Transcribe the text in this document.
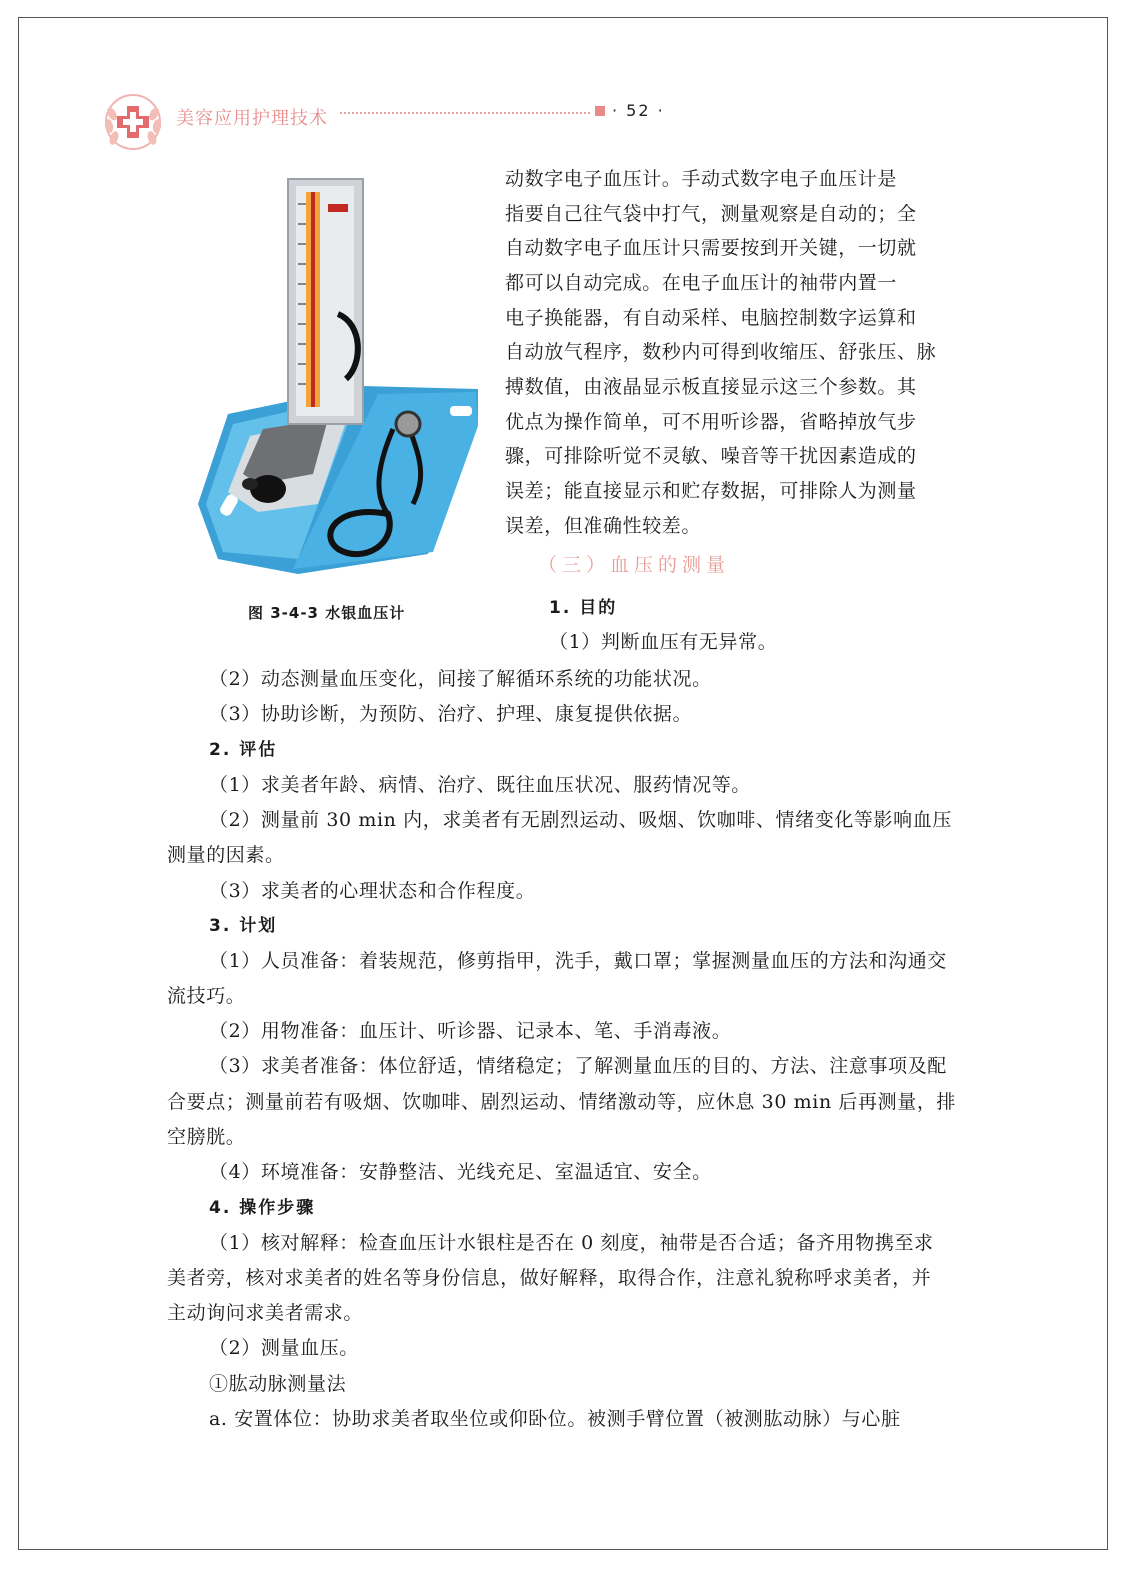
美容应用护理技术	· 52 ·
图 3-4-3 水银血压计
动数字电子血压计。手动式数字电子血压计是
指要自己往气袋中打气，测量观察是自动的；全
自动数字电子血压计只需要按到开关键，一切就
都可以自动完成。在电子血压计的袖带内置一
电子换能器，有自动采样、电脑控制数字运算和
自动放气程序，数秒内可得到收缩压、舒张压、脉
搏数值，由液晶显示板直接显示这三个参数。其
优点为操作简单，可不用听诊器，省略掉放气步
骤，可排除听觉不灵敏、噪音等干扰因素造成的
误差；能直接显示和贮存数据，可排除人为测量
误差，但准确性较差。
（三）血压的测量
1. 目的
（1）判断血压有无异常。
（2）动态测量血压变化，间接了解循环系统的功能状况。
（3）协助诊断，为预防、治疗、护理、康复提供依据。
2. 评估
（1）求美者年龄、病情、治疗、既往血压状况、服药情况等。
（2）测量前 30 min 内，求美者有无剧烈运动、吸烟、饮咖啡、情绪变化等影响血压
测量的因素。
（3）求美者的心理状态和合作程度。
3. 计划
（1）人员准备：着装规范，修剪指甲，洗手，戴口罩；掌握测量血压的方法和沟通交
流技巧。
（2）用物准备：血压计、听诊器、记录本、笔、手消毒液。
（3）求美者准备：体位舒适，情绪稳定；了解测量血压的目的、方法、注意事项及配
合要点；测量前若有吸烟、饮咖啡、剧烈运动、情绪激动等，应休息 30 min 后再测量，排
空膀胱。
（4）环境准备：安静整洁、光线充足、室温适宜、安全。
4. 操作步骤
（1）核对解释：检查血压计水银柱是否在 0 刻度，袖带是否合适；备齐用物携至求
美者旁，核对求美者的姓名等身份信息，做好解释，取得合作，注意礼貌称呼求美者，并
主动询问求美者需求。
（2）测量血压。
①肱动脉测量法
a. 安置体位：协助求美者取坐位或仰卧位。被测手臂位置（被测肱动脉）与心脏
